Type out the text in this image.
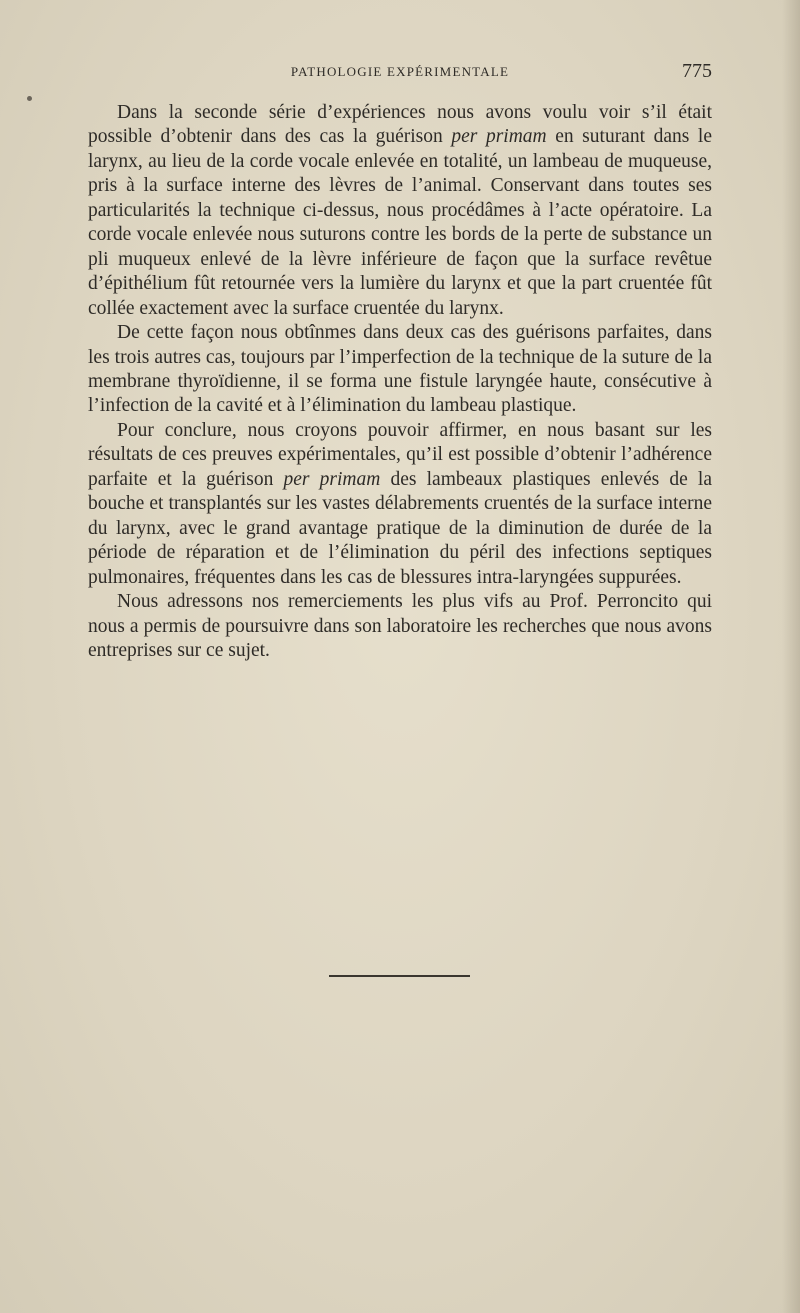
PATHOLOGIE EXPÉRIMENTALE	775

Dans la seconde série d’expériences nous avons voulu voir s’il était possible d’obtenir dans des cas la guérison per primam en suturant dans le larynx, au lieu de la corde vocale enlevée en totalité, un lambeau de muqueuse, pris à la surface interne des lèvres de l’animal. Conservant dans toutes ses particularités la technique ci-dessus, nous procédâmes à l’acte opératoire. La corde vocale enlevée nous suturons contre les bords de la perte de substance un pli muqueux enlevé de la lèvre inférieure de façon que la surface revêtue d’épithélium fût retournée vers la lumière du larynx et que la part cruentée fût collée exactement avec la surface cruentée du larynx.

De cette façon nous obtînmes dans deux cas des guérisons parfaites, dans les trois autres cas, toujours par l’imperfection de la technique de la suture de la membrane thyroïdienne, il se forma une fistule laryngée haute, consécutive à l’infection de la cavité et à l’élimination du lambeau plastique.

Pour conclure, nous croyons pouvoir affirmer, en nous basant sur les résultats de ces preuves expérimentales, qu’il est possible d’obtenir l’adhérence parfaite et la guérison per primam des lambeaux plastiques enlevés de la bouche et transplantés sur les vastes délabrements cruentés de la surface interne du larynx, avec le grand avantage pratique de la diminution de durée de la période de réparation et de l’élimination du péril des infections septiques pulmonaires, fréquentes dans les cas de blessures intra-laryngées suppurées.

Nous adressons nos remerciements les plus vifs au Prof. Perroncito qui nous a permis de poursuivre dans son laboratoire les recherches que nous avons entreprises sur ce sujet.
